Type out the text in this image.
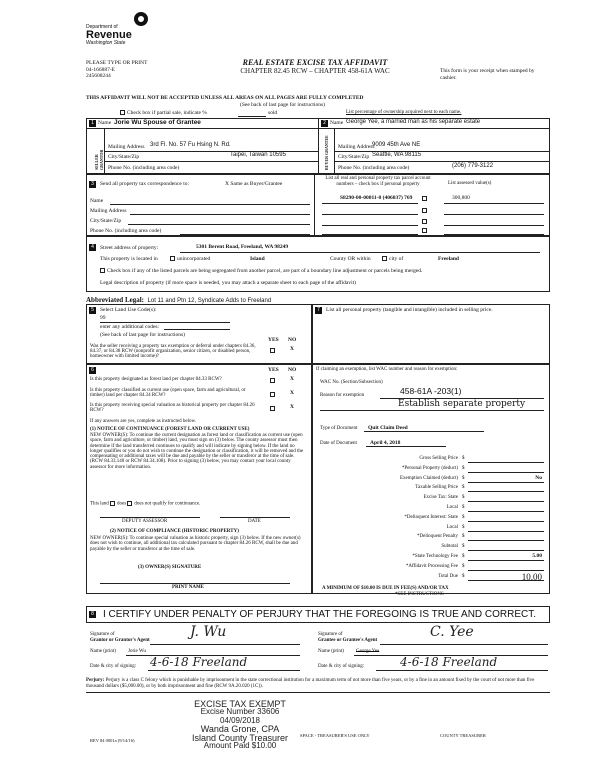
Department of
Revenue
Washington State
PLEASE TYPE OR PRINT
04-166887-E
245608244
REAL ESTATE EXCISE TAX AFFIDAVIT
CHAPTER 82.45 RCW – CHAPTER 458-61A WAC	This form is your receipt when stamped by cashier.
THIS AFFIDAVIT WILL NOT BE ACCEPTED UNLESS ALL AREAS ON ALL PAGES ARE FULLY COMPLETED
(See back of last page for instructions)
Check box if partial sale, indicate %	sold	List percentage of ownership acquired next to each name.
1 Name Jorie Wu Spouse of Grantee
SELLER GRANTOR
Mailing Address 3rd Fl. No. 57 Fu Hsing N. Rd.
City/State/Zip	Taipei, Taiwan 10595
Phone No. (including area code)
2 Name George Yee, a married man as his separate estate
BUYER GRANTEE Mailing Address
9009 45th Ave NE
City/State/Zip Seattle, WA 98115
Phone No. (including area code)	(206) 779-3122
3	Send all property tax correspondence to:	X Same as Buyer/Grantee
Name
Mailing Address
City/State/Zip
Phone No. (including area code)
List all real and personal property tax parcel account numbers – check box if personal property	List assessed value(s)
S8290-00-00011-0 (406037) 769	300,800
4	Street address of property:	5301 Berent Road, Freeland, WA 98249
This property is located in	unincorporated	Island	County OR within	city of	Freeland
Check box if any of the listed parcels are being segregated from another parcel, are part of a boundary line adjustment or parcels being merged.
Legal description of property (if more space is needed, you may attach a separate sheet to each page of the affidavit)
Abbreviated Legal: Lot 11 and Ptn 12, Syndicate Adds to Freeland
5	Select Land Use Code(s):
99
enter any additional codes:
(See back of last page for instructions)
YES NO
Was the seller receiving a property tax exemption or deferral under chapters 84.36, 84.37, or 84.38 RCW (nonprofit organization, senior citizen, or disabled person, homeowner with limited income)?
X
7	List all personal property (tangible and intangible) included in selling price.
6	YES NO
Is this property designated as forest land per chapter 84.33 RCW?	X
Is this property classified as current use (open space, farm and agricultural, or timber) land per chapter 84.34 RCW?	X
Is this property receiving special valuation as historical property per chapter 84.26 RCW?
X
If any answers are yes, complete as instructed below.
(1) NOTICE OF CONTINUANCE (FOREST LAND OR CURRENT USE)
NEW OWNER(S): To continue the current designation as forest land or classification as current use (open space, farm and agriculture, or timber) land, you must sign on (3) below. The county assessor must then determine if the land transferred continues to qualify and will indicate by signing below. If the land no longer qualifies or you do not wish to continue the designation or classification, it will be removed and the compensating or additional taxes will be due and payable by the seller or transferor at the time of sale. (RCW 84.33.140 or RCW 84.34.108). Prior to signing (3) below, you may contact your local county assessor for more information.
This land does does not qualify for continuance.
DEPUTY ASSESSOR	DATE
(2) NOTICE OF COMPLIANCE (HISTORIC PROPERTY)
NEW OWNER(S): To continue special valuation as historic property, sign (3) below. If the new owner(s) does not wish to continue, all additional tax calculated pursuant to chapter 84.26 RCW, shall be due and payable by the seller or transferor at the time of sale.
(3) OWNER(S) SIGNATURE
PRINT NAME
If claiming an exemption, list WAC number and reason for exemption:
WAC No. (Section/Subsection)
458-61A -203(1)
Reason for exemption
Establish separate property
Type of Document Quit Claim Deed
Date of Document April 4, 2018
Gross Selling Price $
*Personal Property (deduct) $
Exemption Claimed (deduct) $	No
Taxable Selling Price $
Excise Tax: State $
Local $
*Delinquent Interest: State $
Local $
*Delinquent Penalty $
Subtotal $
*State Technology Fee $	5.00
*Affidavit Processing Fee $
Total Due $	10.00
A MINIMUM OF $10.00 IS DUE IN FEE(S) AND/OR TAX
*SEE INSTRUCTIONS
I CERTIFY UNDER PENALTY OF PERJURY THAT THE FOREGOING IS TRUE AND CORRECT.
8
Signature of
Grantor or Grantor's Agent
J. Wu
Name (print) Jorie Wu
Date & city of signing: 4-6-18 Freeland
Signature of
Grantee or Grantee's Agent
C. Yee
Name (print) George Yee
Date & city of signing:	4-6-18 Freeland
Perjury: Perjury is a class C felony which is punishable by imprisonment in the state correctional institution for a maximum term of not more than five years, or by a fine in an amount fixed by the court of not more than five thousand dollars ($5,000.00), or by both imprisonment and fine (RCW 9A.20.020 (1C)).
EXCISE TAX EXEMPT
Excise Number 33606
04/09/2018
Wanda Grone, CPA
Island County Treasurer
Amount Paid $10.00
REV 84 0001a (9/14/16)
SPACE - TREASURER'S USE ONLY	COUNTY TREASURER
